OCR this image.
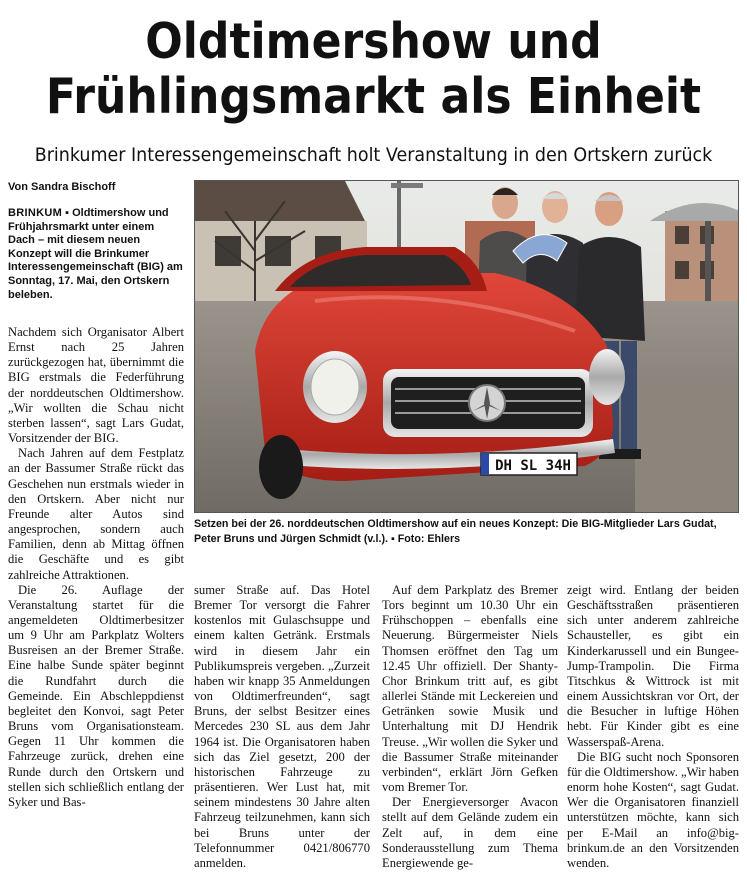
Oldtimershow und
Frühlingsmarkt als Einheit
Brinkumer Interessengemeinschaft holt Veranstaltung in den Ortskern zurück
Von Sandra Bischoff
BRINKUM ▪ Oldtimershow und Frühjahrsmarkt unter einem Dach – mit diesem neuen Konzept will die Brinkumer Interessengemeinschaft (BIG) am Sonntag, 17. Mai, den Ortskern beleben.

Nachdem sich Organisator Albert Ernst nach 25 Jahren zurückgezogen hat, übernimmt die BIG erstmals die Federführung der norddeutschen Oldtimershow. „Wir wollten die Schau nicht sterben lassen“, sagt Lars Gudat, Vorsitzender der BIG.

Nach Jahren auf dem Festplatz an der Bassumer Straße rückt das Geschehen nun erstmals wieder in den Ortskern. Aber nicht nur Freunde alter Autos sind angesprochen, sondern auch Familien, denn ab Mittag öffnen die Geschäfte und es gibt zahlreiche Attraktionen.

Die 26. Auflage der Veranstaltung startet für die angemeldeten Oldtimerbesitzer um 9 Uhr am Parkplatz Wolters Busreisen an der Bremer Straße. Eine halbe Sunde später beginnt die Rundfahrt durch die Gemeinde. Ein Abschleppdienst begleitet den Konvoi, sagt Peter Bruns vom Organisationsteam. Gegen 11 Uhr kommen die Fahrzeuge zurück, drehen eine Runde durch den Ortskern und stellen sich schließlich entlang der Syker und Bas-

DH SL 34H
Setzen bei der 26. norddeutschen Oldtimershow auf ein neues Konzept: Die BIG-Mitglieder Lars Gudat, Peter Bruns und Jürgen Schmidt (v.l.). ▪ Foto: Ehlers

sumer Straße auf. Das Hotel Bremer Tor versorgt die Fahrer kostenlos mit Gulaschsuppe und einem kalten Getränk. Erstmals wird in diesem Jahr ein Publikumspreis vergeben. „Zurzeit haben wir knapp 35 Anmeldungen von Oldtimerfreunden“, sagt Bruns, der selbst Besitzer eines Mercedes 230 SL aus dem Jahr 1964 ist. Die Organisatoren haben sich das Ziel gesetzt, 200 der historischen Fahrzeuge zu präsentieren. Wer Lust hat, mit seinem mindestens 30 Jahre alten Fahrzeug teilzunehmen, kann sich bei Bruns unter der Telefonnummer 0421/806770 anmelden.

Auf dem Parkplatz des Bremer Tors beginnt um 10.30 Uhr ein Frühschoppen – ebenfalls eine Neuerung. Bürgermeister Niels Thomsen eröffnet den Tag um 12.45 Uhr offiziell. Der Shanty-Chor Brinkum tritt auf, es gibt allerlei Stände mit Leckereien und Getränken sowie Musik und Unterhaltung mit DJ Hendrik Treuse. „Wir wollen die Syker und die Bassumer Straße miteinander verbinden“, erklärt Jörn Gefken vom Bremer Tor.

Der Energieversorger Avacon stellt auf dem Gelände zudem ein Zelt auf, in dem eine Sonderausstellung zum Thema Energiewende ge-

zeigt wird. Entlang der beiden Geschäftsstraßen präsentieren sich unter anderem zahlreiche Schausteller, es gibt ein Kinderkarussell und ein Bungee-Jump-Trampolin. Die Firma Titschkus & Wittrock ist mit einem Aussichtskran vor Ort, der die Besucher in luftige Höhen hebt. Für Kinder gibt es eine Wasserspaß-Arena.

Die BIG sucht noch Sponsoren für die Oldtimershow. „Wir haben enorm hohe Kosten“, sagt Gudat. Wer die Organisatoren finanziell unterstützen möchte, kann sich per E-Mail an info@big-brinkum.de an den Vorsitzenden wenden.
